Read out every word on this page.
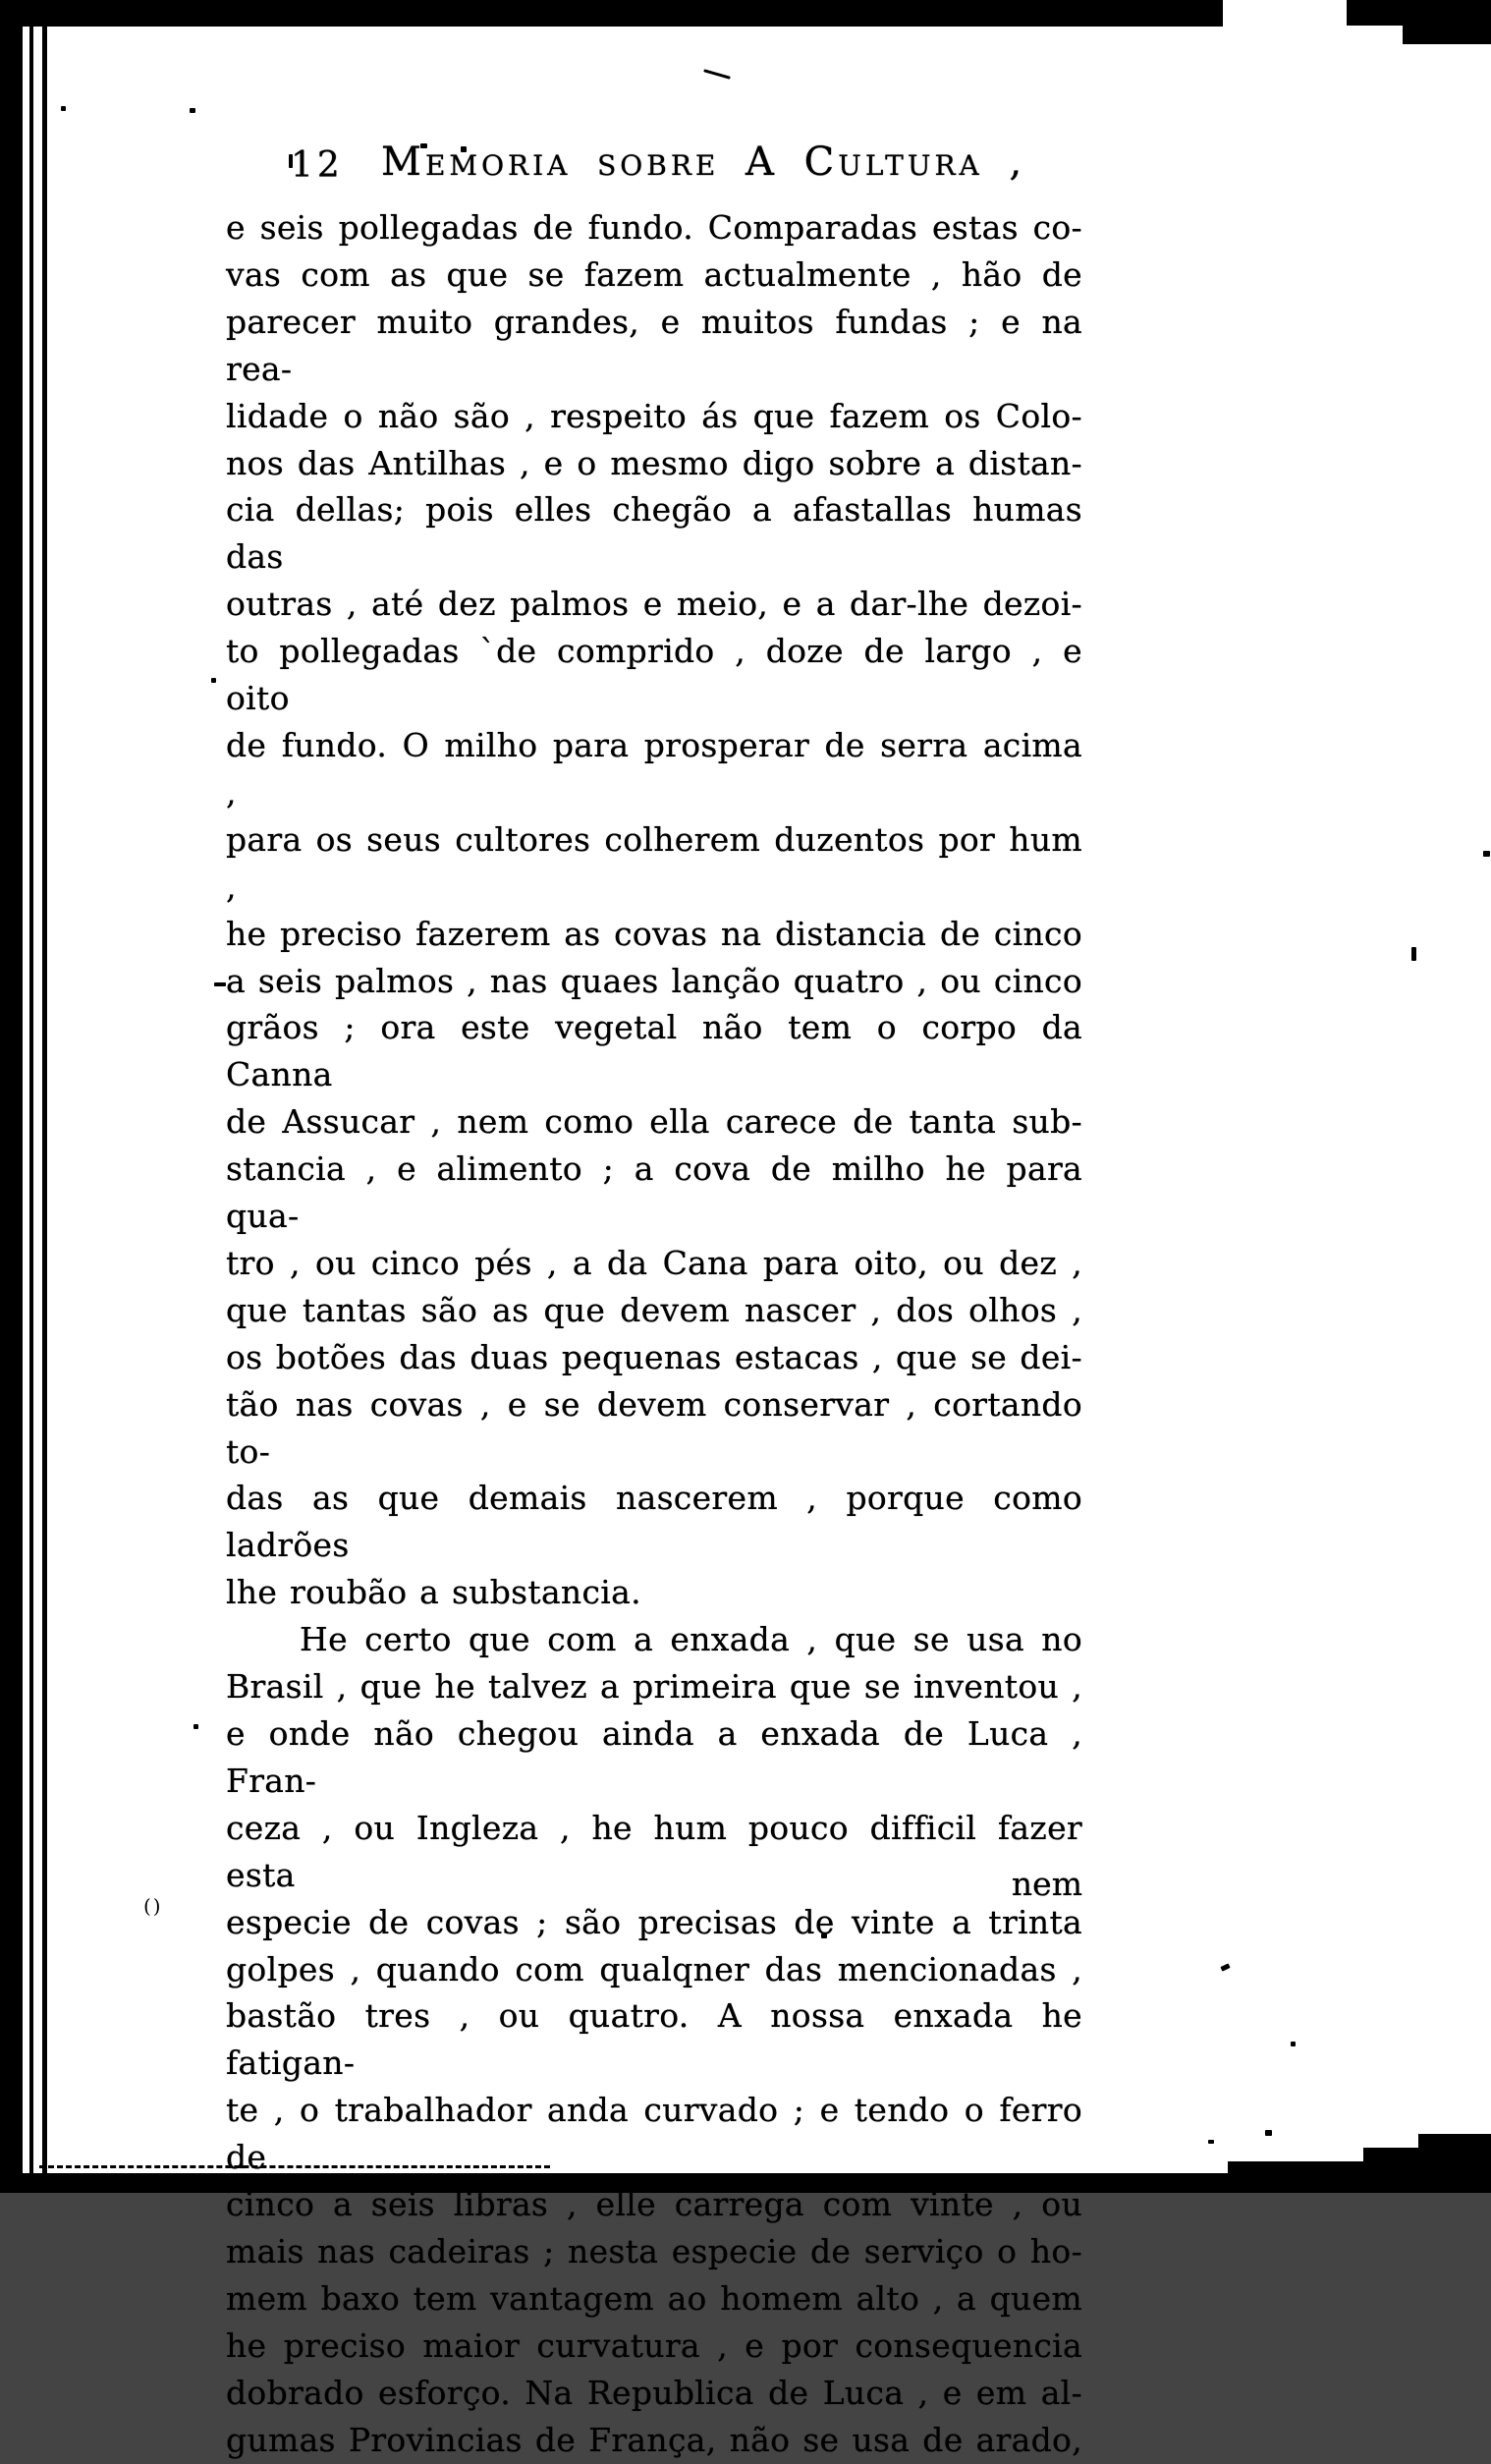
12 Memoria sobre A Cultura ,
e seis pollegadas de fundo. Comparadas estas co-
vas com as que se fazem actualmente , hão de
parecer muito grandes, e muitos fundas ; e na rea-
lidade o não são , respeito ás que fazem os Colo-
nos das Antilhas , e o mesmo digo sobre a distan-
cia dellas; pois elles chegão a afastallas humas das
outras , até dez palmos e meio, e a dar-lhe dezoi-
to pollegadas `de comprido , doze de largo , e oito
de fundo. O milho para prosperar de serra acima ,
para os seus cultores colherem duzentos por hum ,
he preciso fazerem as covas na distancia de cinco
a seis palmos , nas quaes lanção quatro , ou cinco
grãos ; ora este vegetal não tem o corpo da Canna
de Assucar , nem como ella carece de tanta sub-
stancia , e alimento ; a cova de milho he para qua-
tro , ou cinco pés , a da Cana para oito, ou dez ,
que tantas são as que devem nascer , dos olhos ,
os botões das duas pequenas estacas , que se dei-
tão nas covas , e se devem conservar , cortando to-
das as que demais nascerem , porque como ladrões
lhe roubão a substancia.
He certo que com a enxada , que se usa no
Brasil , que he talvez a primeira que se inventou ,
e onde não chegou ainda a enxada de Luca , Fran-
ceza , ou Ingleza , he hum pouco difficil fazer esta
especie de covas ; são precisas de vinte a trinta
golpes , quando com qualqner das mencionadas ,
bastão tres , ou quatro. A nossa enxada he fatigan-
te , o trabalhador anda curvado ; e tendo o ferro de
cinco a seis libras , elle carrega com vinte , ou
mais nas cadeiras ; nesta especie de serviço o ho-
mem baxo tem vantagem ao homem alto , a quem
he preciso maior curvatura , e por consequencia
dobrado esforço. Na Republica de Luca , e em al-
gumas Provincias de França, não se usa de arado,
nem
()
